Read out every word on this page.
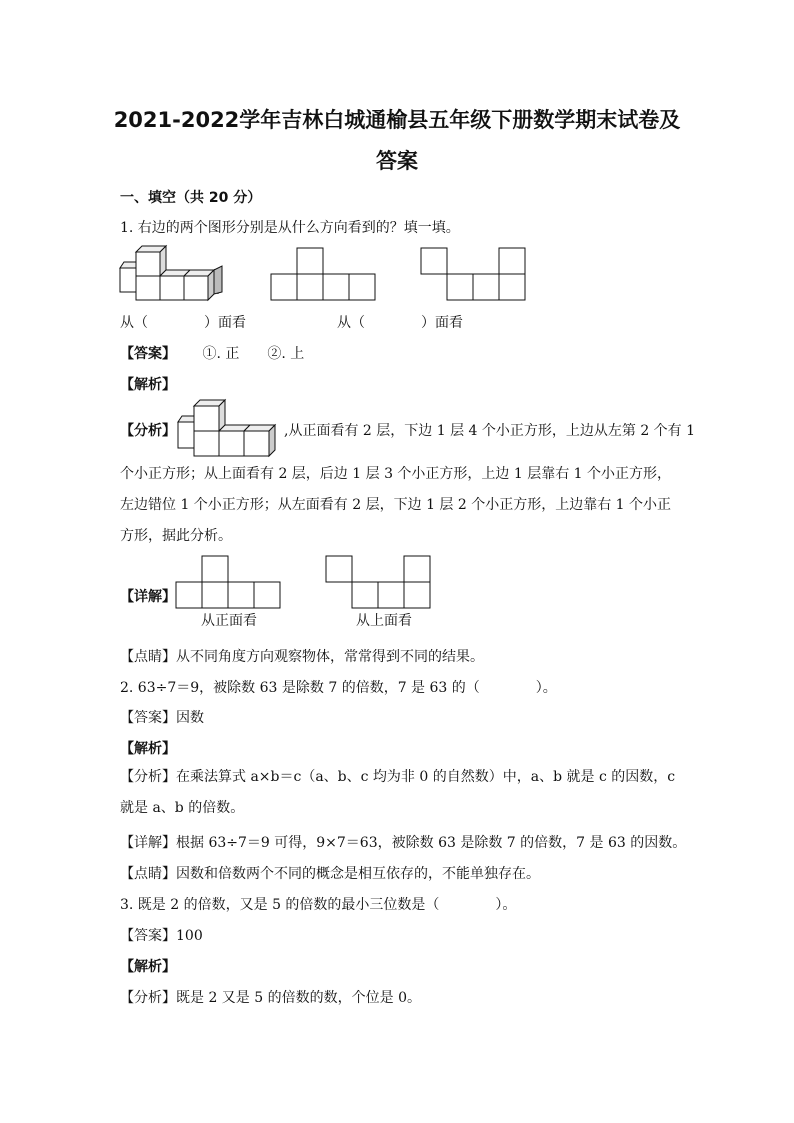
2021-2022学年吉林白城通榆县五年级下册数学期末试卷及
答案
一、填空（共 20 分）
1. 右边的两个图形分别是从什么方向看到的？填一填。
从（　　　　）面看	从（　　　　）面看
【答案】 ①. 正　　②. 上
【解析】
【分析】	,从正面看有 2 层，下边 1 层 4 个小正方形，上边从左第 2 个有 1
个小正方形；从上面看有 2 层，后边 1 层 3 个小正方形，上边 1 层靠右 1 个小正方形，左边错位 1 个小正方形；从左面看有 2 层，下边 1 层 2 个小正方形，上边靠右 1 个小正方形，据此分析。
【详解】
从正面看	从上面看
【点睛】从不同角度方向观察物体，常常得到不同的结果。
2. 63÷7＝9，被除数 63 是除数 7 的倍数，7 是 63 的（　　　　）。
【答案】因数
【解析】
【分析】在乘法算式 a×b＝c（a、b、c 均为非 0 的自然数）中，a、b 就是 c 的因数，c 就是 a、b 的倍数。
【详解】根据 63÷7＝9 可得，9×7＝63，被除数 63 是除数 7 的倍数，7 是 63 的因数。
【点睛】因数和倍数两个不同的概念是相互依存的，不能单独存在。
3. 既是 2 的倍数，又是 5 的倍数的最小三位数是（　　　　）。
【答案】100
【解析】
【分析】既是 2 又是 5 的倍数的数，个位是 0。
